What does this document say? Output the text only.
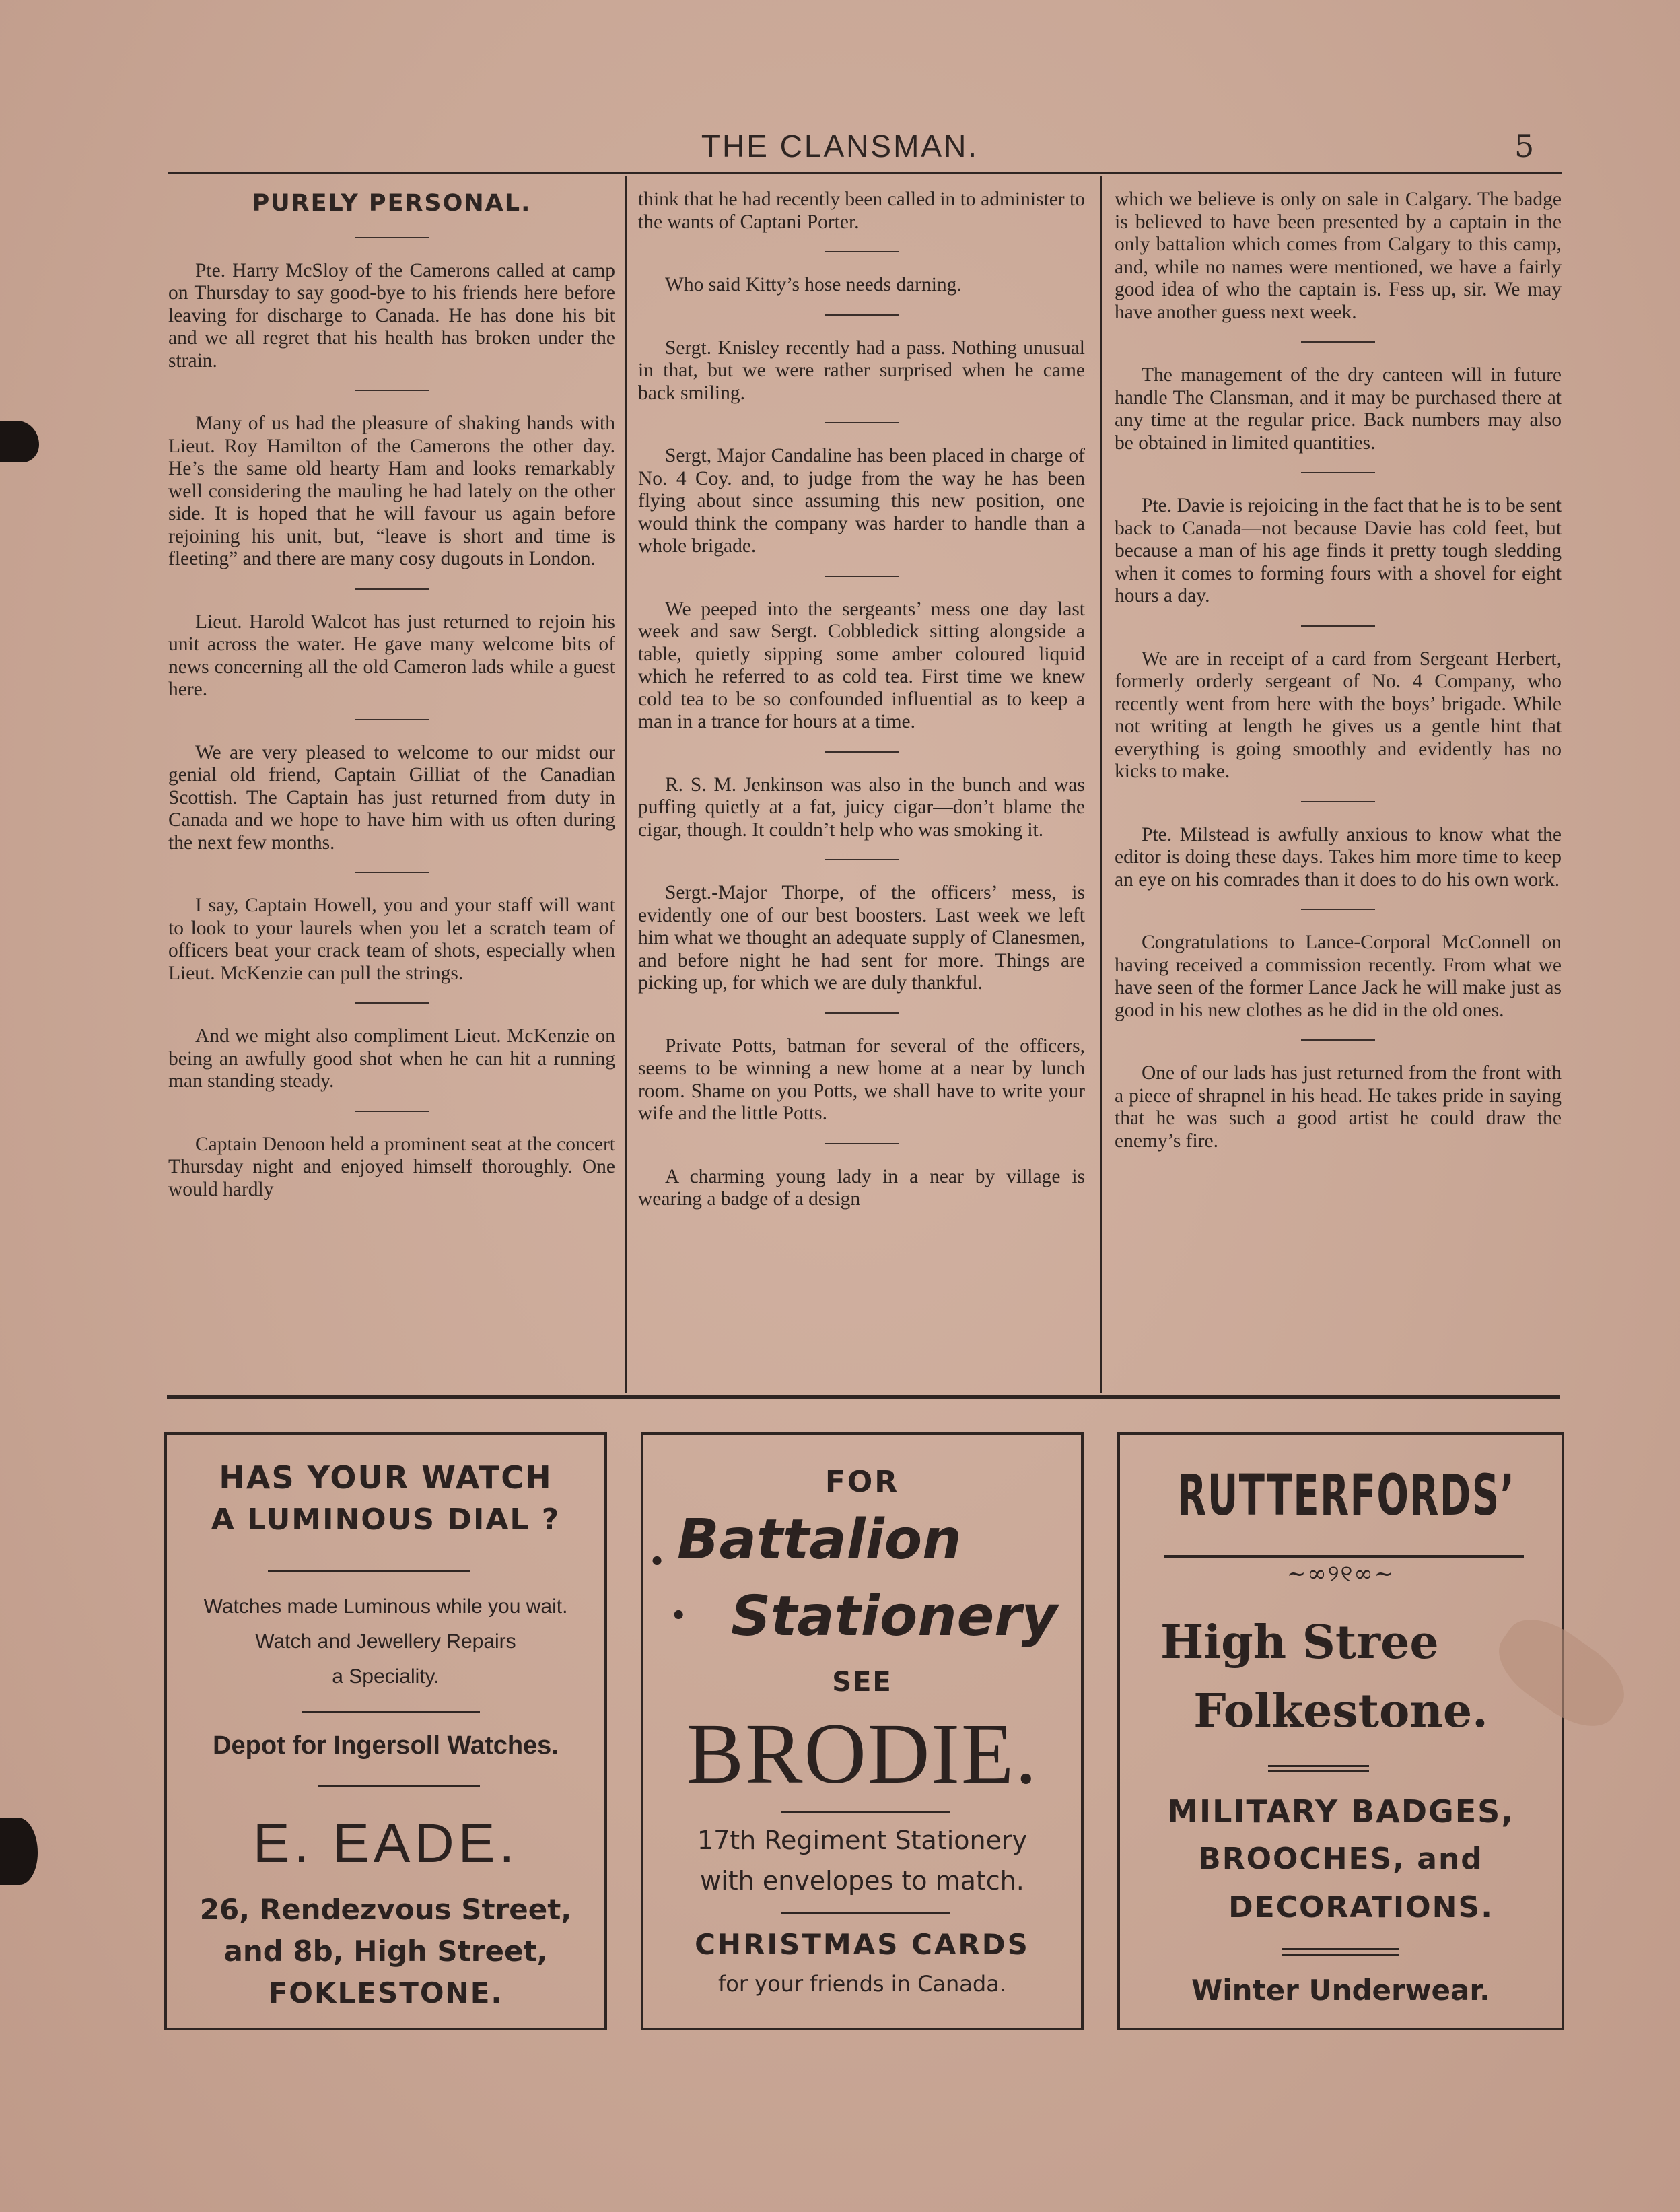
THE CLANSMAN.	5
PURELY PERSONAL.

Pte. Harry McSloy of the Camerons called at camp on Thursday to say good-bye to his friends here before leaving for discharge to Canada. He has done his bit and we all regret that his health has broken under the strain.

Many of us had the pleasure of shaking hands with Lieut. Roy Hamilton of the Camerons the other day. He’s the same old hearty Ham and looks remarkably well considering the mauling he had lately on the other side. It is hoped that he will favour us again before rejoining his unit, but, “leave is short and time is fleeting” and there are many cosy dugouts in London.

Lieut. Harold Walcot has just returned to rejoin his unit across the water. He gave many welcome bits of news concerning all the old Cameron lads while a guest here.

We are very pleased to welcome to our midst our genial old friend, Captain Gilliat of the Canadian Scottish. The Captain has just returned from duty in Canada and we hope to have him with us often during the next few months.

I say, Captain Howell, you and your staff will want to look to your laurels when you let a scratch team of officers beat your crack team of shots, especially when Lieut. McKenzie can pull the strings.

And we might also compliment Lieut. McKenzie on being an awfully good shot when he can hit a running man standing steady.

Captain Denoon held a prominent seat at the concert Thursday night and enjoyed himself thoroughly. One would hardly

think that he had recently been called in to administer to the wants of Captani Porter.

Who said Kitty’s hose needs darning.

Sergt. Knisley recently had a pass. Nothing unusual in that, but we were rather surprised when he came back smiling.

Sergt, Major Candaline has been placed in charge of No. 4 Coy. and, to judge from the way he has been flying about since assuming this new position, one would think the company was harder to handle than a whole brigade.

We peeped into the sergeants’ mess one day last week and saw Sergt. Cobbledick sitting alongside a table, quietly sipping some amber coloured liquid which he referred to as cold tea. First time we knew cold tea to be so confounded influential as to keep a man in a trance for hours at a time.

R. S. M. Jenkinson was also in the bunch and was puffing quietly at a fat, juicy cigar—don’t blame the cigar, though. It couldn’t help who was smoking it.

Sergt.-Major Thorpe, of the officers’ mess, is evidently one of our best boosters. Last week we left him what we thought an adequate supply of Clanesmen, and before night he had sent for more. Things are picking up, for which we are duly thankful.

Private Potts, batman for several of the officers, seems to be winning a new home at a near by lunch room. Shame on you Potts, we shall have to write your wife and the little Potts.

A charming young lady in a near by village is wearing a badge of a design

which we believe is only on sale in Calgary. The badge is believed to have been presented by a captain in the only battalion which comes from Calgary to this camp, and, while no names were mentioned, we have a fairly good idea of who the captain is. Fess up, sir. We may have another guess next week.

The management of the dry canteen will in future handle The Clansman, and it may be purchased there at any time at the regular price. Back numbers may also be obtained in limited quantities.

Pte. Davie is rejoicing in the fact that he is to be sent back to Canada—not because Davie has cold feet, but because a man of his age finds it pretty tough sledding when it comes to forming fours with a shovel for eight hours a day.

We are in receipt of a card from Sergeant Herbert, formerly orderly sergeant of No. 4 Company, who recently went from here with the boys’ brigade. While not writing at length he gives us a gentle hint that everything is going smoothly and evidently has no kicks to make.

Pte. Milstead is awfully anxious to know what the editor is doing these days. Takes him more time to keep an eye on his comrades than it does to do his own work.

Congratulations to Lance-Corporal McConnell on having received a commission recently. From what we have seen of the former Lance Jack he will make just as good in his new clothes as he did in the old ones.

One of our lads has just returned from the front with a piece of shrapnel in his head. He takes pride in saying that he was such a good artist he could draw the enemy’s fire.

HAS YOUR WATCH
A LUMINOUS DIAL ?
Watches made Luminous while you wait.
Watch and Jewellery Repairs
a Speciality.
Depot for Ingersoll Watches.
E. EADE.
26, Rendezvous Street,
and 8b, High Street,
FOKLESTONE.
FOR
Battalion
.
. Stationery
SEE
BRODIE.
17th Regiment Stationery
with envelopes to match.
CHRISTMAS CARDS
for your friends in Canada.
RUTTERFORDS’
~∞୨୧∞~
High Stree
Folkestone.
MILITARY BADGES,
BROOCHES, and
DECORATIONS.
Winter Underwear.
